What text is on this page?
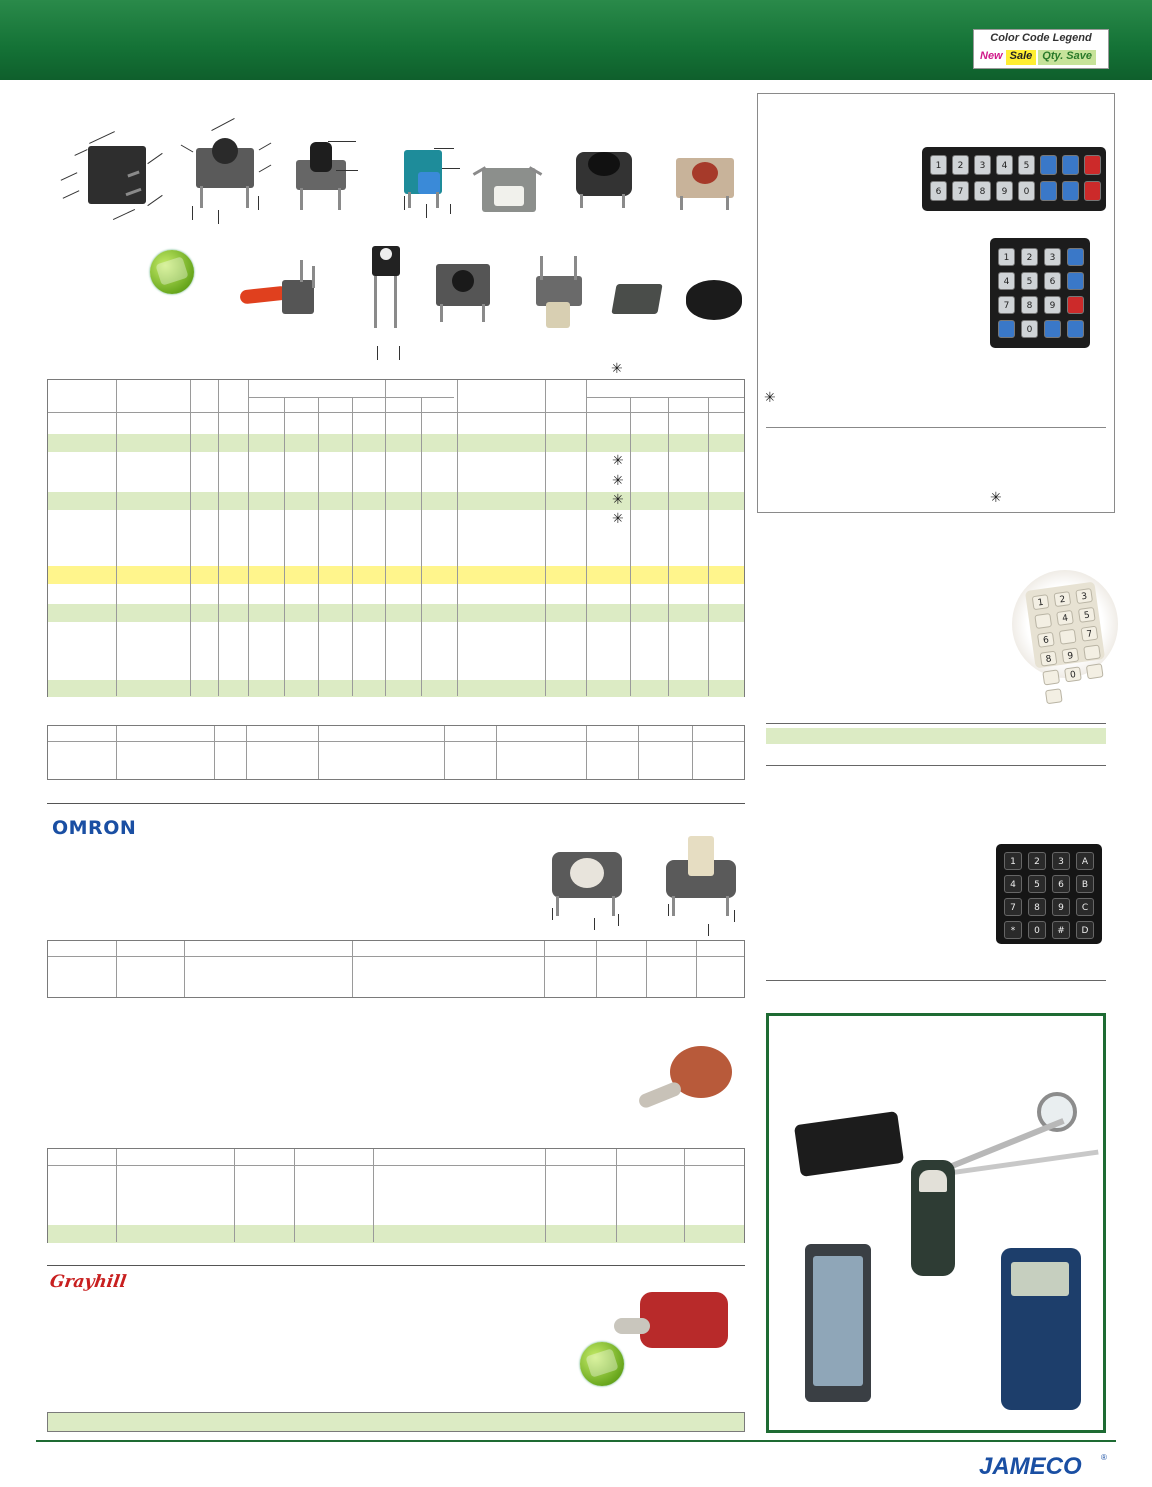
Color Code Legend
New Sale Qty. Save
✳
✳
✳
✳
✳
OMRON
Grayhill
1	2	3	4	5
6	7	8	9	0
1	2	3
4	5	6
7	8	9
0
✳
✳
1	2	3
4	5
6
7
8	9
0
1	2	3	A
4	5	6	B
7	8	9	C
*	0	#	D
JAMECO ®
